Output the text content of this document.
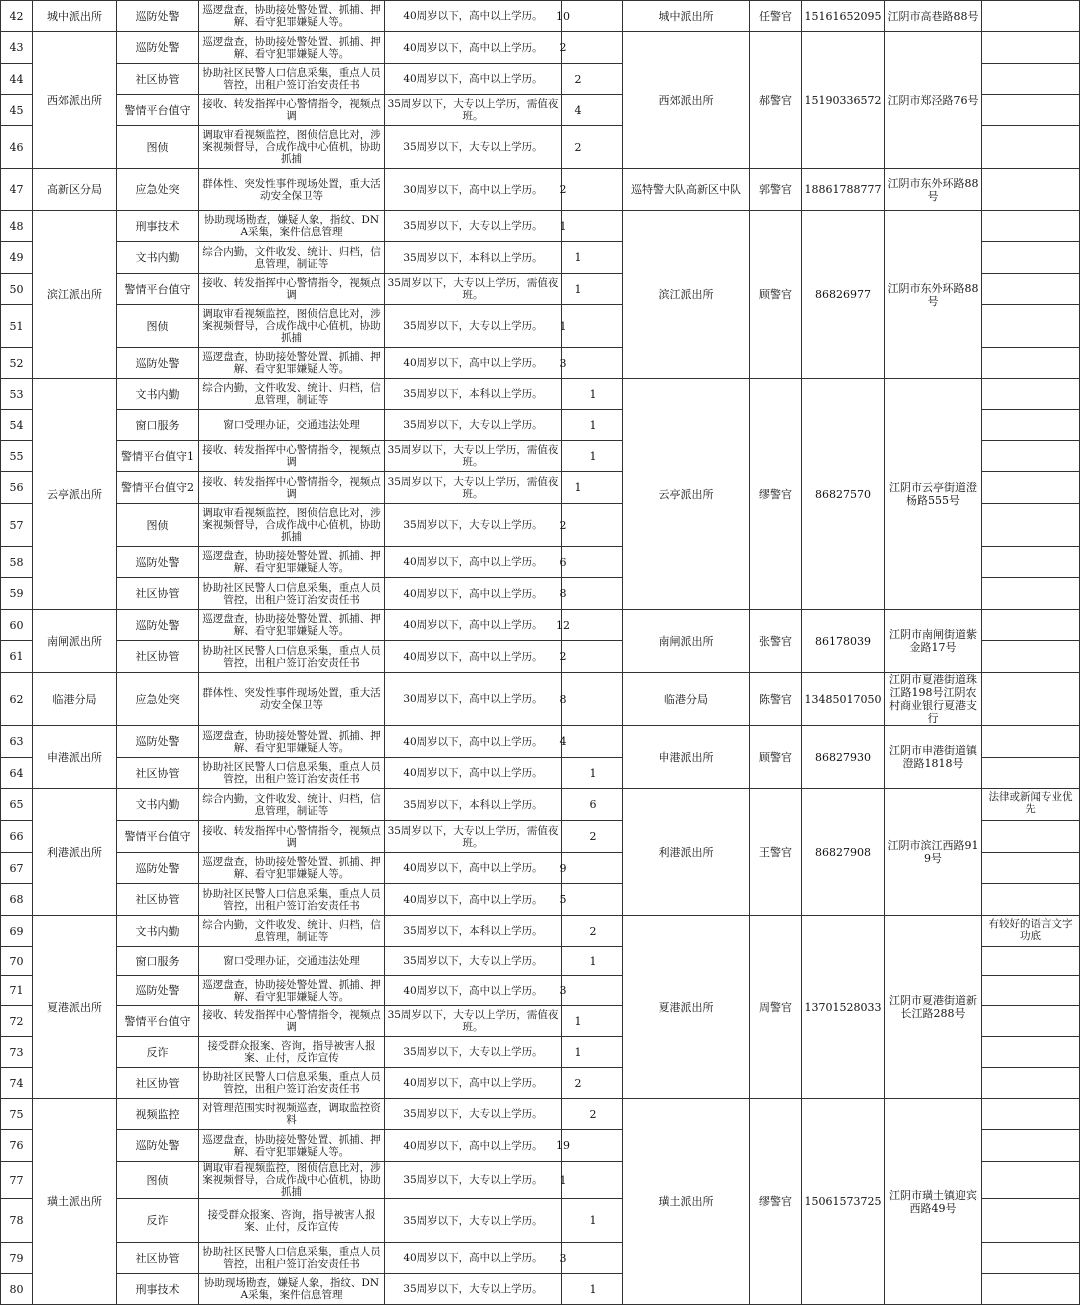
42	城中派出所	巡防处警	巡逻盘查，协助接处警处置、抓捕、押解、看守犯罪嫌疑人等。	40周岁以下，高中以上学历。	10	城中派出所	任警官	15161652095	江阴市高巷路88号	
43	西郊派出所	巡防处警	巡逻盘查，协助接处警处置、抓捕、押解、看守犯罪嫌疑人等。	40周岁以下，高中以上学历。	2	西郊派出所	郝警官	15190336572	江阴市郑泾路76号	
44		社区协管	协助社区民警人口信息采集，重点人员管控，出租户签订治安责任书	40周岁以下，高中以上学历。	2					
45		警情平台值守	接收、转发指挥中心警情指令，视频点调	35周岁以下，大专以上学历，需值夜班。	4					
46		图侦	调取审看视频监控，图侦信息比对，涉案视频督导，合成作战中心值机，协助抓捕	35周岁以下，大专以上学历。	2					
47	高新区分局	应急处突	群体性、突发性事件现场处置，重大活动安全保卫等	30周岁以下，高中以上学历。	2	巡特警大队高新区中队	郭警官	18861788777	江阴市东外环路88号	
48	滨江派出所	刑事技术	协助现场勘查，嫌疑人象，指纹、DNA采集，案件信息管理	35周岁以下，大专以上学历。	1	滨江派出所	顾警官	86826977	江阴市东外环路88号	
49		文书内勤	综合内勤，文件收发、统计、归档，信息管理，制证等	35周岁以下，本科以上学历。	1					
50		警情平台值守	接收、转发指挥中心警情指令，视频点调	35周岁以下，大专以上学历，需值夜班。	1					
51		图侦	调取审看视频监控，图侦信息比对，涉案视频督导，合成作战中心值机，协助抓捕	35周岁以下，大专以上学历。	1					
52		巡防处警	巡逻盘查，协助接处警处置、抓捕、押解、看守犯罪嫌疑人等。	40周岁以下，高中以上学历。	3					
53	云亭派出所	文书内勤	综合内勤，文件收发、统计、归档，信息管理，制证等	35周岁以下，本科以上学历。	1	云亭派出所	缪警官	86827570	江阴市云亭街道澄杨路555号	
54		窗口服务	窗口受理办证，交通违法处理	35周岁以下，大专以上学历。	1					
55		警情平台值守1	接收、转发指挥中心警情指令，视频点调	35周岁以下，大专以上学历，需值夜班。	1					
56		警情平台值守2	接收、转发指挥中心警情指令，视频点调	35周岁以下，大专以上学历，需值夜班。	1					
57		图侦	调取审看视频监控，图侦信息比对，涉案视频督导，合成作战中心值机，协助抓捕	35周岁以下，大专以上学历。	2					
58		巡防处警	巡逻盘查，协助接处警处置、抓捕、押解、看守犯罪嫌疑人等。	40周岁以下，高中以上学历。	6					
59		社区协管	协助社区民警人口信息采集，重点人员管控，出租户签订治安责任书	40周岁以下，高中以上学历。	8					
60	南闸派出所	巡防处警	巡逻盘查，协助接处警处置、抓捕、押解、看守犯罪嫌疑人等。	40周岁以下，高中以上学历。	12	南闸派出所	张警官	86178039	江阴市南闸街道紫金路17号	
61		社区协管	协助社区民警人口信息采集，重点人员管控，出租户签订治安责任书	40周岁以下，高中以上学历。	2					
62	临港分局	应急处突	群体性、突发性事件现场处置，重大活动安全保卫等	30周岁以下，高中以上学历。	8	临港分局	陈警官	13485017050	江阴市夏港街道珠江路198号江阴农村商业银行夏港支行	
63	申港派出所	巡防处警	巡逻盘查，协助接处警处置、抓捕、押解、看守犯罪嫌疑人等。	40周岁以下，高中以上学历。	4	申港派出所	顾警官	86827930	江阴市申港街道镇澄路1818号	
64		社区协管	协助社区民警人口信息采集，重点人员管控，出租户签订治安责任书	40周岁以下，高中以上学历。	1					
65	利港派出所	文书内勤	综合内勤，文件收发、统计、归档，信息管理，制证等	35周岁以下，本科以上学历。	6	利港派出所	王警官	86827908	江阴市滨江西路919号	法律或新闻专业优先
66		警情平台值守	接收、转发指挥中心警情指令，视频点调	35周岁以下，大专以上学历，需值夜班。	2					
67		巡防处警	巡逻盘查，协助接处警处置、抓捕、押解、看守犯罪嫌疑人等。	40周岁以下，高中以上学历。	9					
68		社区协管	协助社区民警人口信息采集，重点人员管控，出租户签订治安责任书	40周岁以下，高中以上学历。	5					
69	夏港派出所	文书内勤	综合内勤，文件收发、统计、归档，信息管理，制证等	35周岁以下，本科以上学历。	2	夏港派出所	周警官	13701528033	江阴市夏港街道新长江路288号	有较好的语言文字功底
70		窗口服务	窗口受理办证，交通违法处理	35周岁以下，大专以上学历。	1					
71		巡防处警	巡逻盘查，协助接处警处置、抓捕、押解、看守犯罪嫌疑人等。	40周岁以下，高中以上学历。	3					
72		警情平台值守	接收、转发指挥中心警情指令，视频点调	35周岁以下，大专以上学历，需值夜班。	1					
73		反诈	接受群众报案、咨询，指导被害人报案、止付，反诈宣传	35周岁以下，大专以上学历。	1					
74		社区协管	协助社区民警人口信息采集，重点人员管控，出租户签订治安责任书	40周岁以下，高中以上学历。	2					
75	璜土派出所	视频监控	对管理范围实时视频巡查，调取监控资料	35周岁以下，大专以上学历。	2	璜土派出所	缪警官	15061573725	江阴市璜土镇迎宾西路49号	
76		巡防处警	巡逻盘查，协助接处警处置、抓捕、押解、看守犯罪嫌疑人等。	40周岁以下，高中以上学历。	19					
77		图侦	调取审看视频监控，图侦信息比对，涉案视频督导，合成作战中心值机，协助抓捕	35周岁以下，大专以上学历。	1					
78		反诈	接受群众报案、咨询，指导被害人报案、止付，反诈宣传	35周岁以下，大专以上学历。	1					
79		社区协管	协助社区民警人口信息采集，重点人员管控，出租户签订治安责任书	40周岁以下，高中以上学历。	3					
80		刑事技术	协助现场勘查，嫌疑人象，指纹、DNA采集，案件信息管理	35周岁以下，大专以上学历。	1					
